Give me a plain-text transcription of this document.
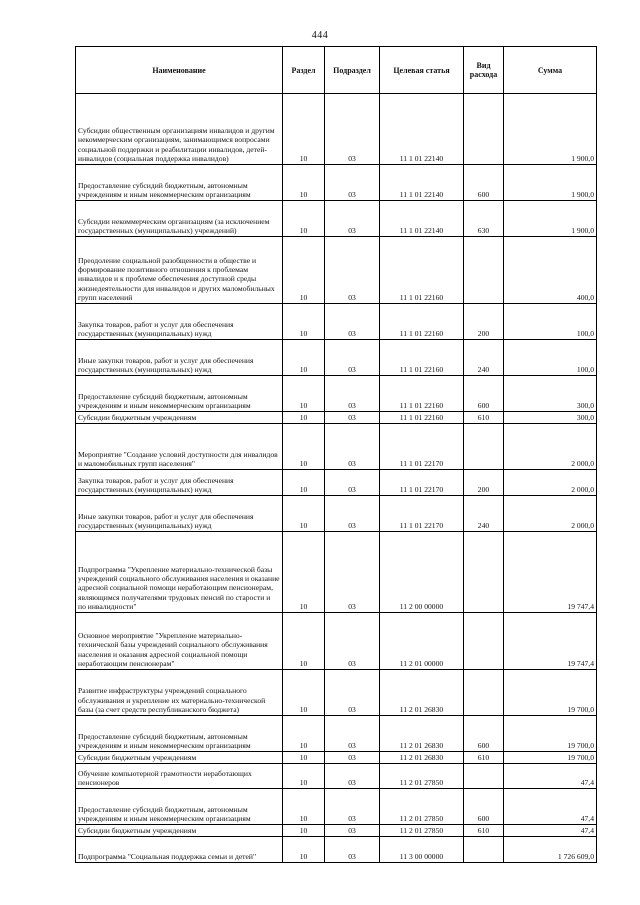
444
Наименование	Раздел	Подраздел	Целевая статья	Вид расхода	Сумма
Субсидии общественным организациям инвалидов и другим некоммерческим организациям, занимающимся вопросами социальной поддержки и реабилитации инвалидов, детей-инвалидов (социальная поддержка инвалидов)	10	03	11 1 01 22140		1 900,0
Предоставление субсидий бюджетным, автономным учреждениям и иным некоммерческим организациям	10	03	11 1 01 22140	600	1 900,0
Субсидии некоммерческим организациям (за исключением государственных (муниципальных) учреждений)	10	03	11 1 01 22140	630	1 900,0
Преодоление социальной разобщенности в обществе и формирование позитивного отношения к проблемам инвалидов и к проблеме обеспечения доступной среды жизнедеятельности для инвалидов и других маломобильных групп населений	10	03	11 1 01 22160		400,0
Закупка товаров, работ и услуг для обеспечения государственных (муниципальных) нужд	10	03	11 1 01 22160	200	100,0
Иные закупки товаров, работ и услуг для обеспечения государственных (муниципальных) нужд	10	03	11 1 01 22160	240	100,0
Предоставление субсидий бюджетным, автономным учреждениям и иным некоммерческим организациям	10	03	11 1 01 22160	600	300,0
Субсидии бюджетным учреждениям	10	03	11 1 01 22160	610	300,0
Мероприятие "Создание условий доступности для инвалидов и маломобильных групп населения"	10	03	11 1 01 22170		2 000,0
Закупка товаров, работ и услуг для обеспечения государственных (муниципальных) нужд	10	03	11 1 01 22170	200	2 000,0
Иные закупки товаров, работ и услуг для обеспечения государственных (муниципальных) нужд	10	03	11 1 01 22170	240	2 000,0
Подпрограмма "Укрепление материально-технической базы учреждений социального обслуживания населения и оказание адресной социальной помощи неработающим пенсионерам, являющимся получателями трудовых пенсий по старости и по инвалидности"	10	03	11 2 00 00000		19 747,4
Основное мероприятие "Укрепление материально-технической базы учреждений социального обслуживания населения и оказания адресной социальной помощи неработающим пенсионерам"	10	03	11 2 01 00000		19 747,4
Развитие инфраструктуры учреждений социального обслуживания и укрепление их материально-технической базы (за счет средств республиканского бюджета)	10	03	11 2 01 26830		19 700,0
Предоставление субсидий бюджетным, автономным учреждениям и иным некоммерческим организациям	10	03	11 2 01 26830	600	19 700,0
Субсидии бюджетным учреждениям	10	03	11 2 01 26830	610	19 700,0
Обучение компьютерной грамотности неработающих пенсионеров	10	03	11 2 01 27850		47,4
Предоставление субсидий бюджетным, автономным учреждениям и иным некоммерческим организациям	10	03	11 2 01 27850	600	47,4
Субсидии бюджетным учреждениям	10	03	11 2 01 27850	610	47,4
Подпрограмма "Социальная поддержка семьи и детей"	10	03	11 3 00 00000		1 726 609,0
